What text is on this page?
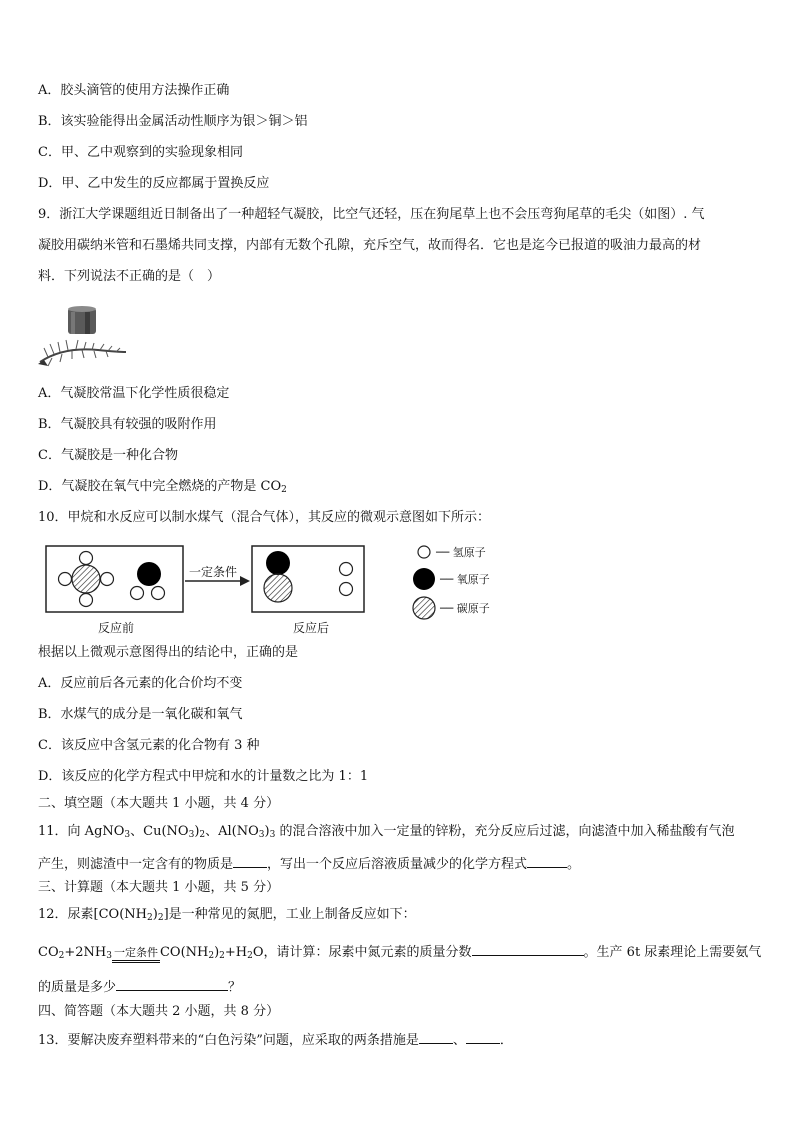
A．胶头滴管的使用方法操作正确
B．该实验能得出金属活动性顺序为银＞铜＞铝
C．甲、乙中观察到的实验现象相同
D．甲、乙中发生的反应都属于置换反应
9．浙江大学课题组近日制备出了一种超轻气凝胶，比空气还轻，压在狗尾草上也不会压弯狗尾草的毛尖（如图）. 气
凝胶用碳纳米管和石墨烯共同支撑，内部有无数个孔隙，充斥空气，故而得名．它也是迄今已报道的吸油力最高的材
料．下列说法不正确的是（　）
A．气凝胶常温下化学性质很稳定
B．气凝胶具有较强的吸附作用
C．气凝胶是一种化合物
D．气凝胶在氧气中完全燃烧的产物是 $CO_2$
10．甲烷和水反应可以制水煤气（混合气体），其反应的微观示意图如下所示：
一定条件
反应前	反应后
── 氢原子
── 氧原子
── 碳原子
根据以上微观示意图得出的结论中，正确的是
A．反应前后各元素的化合价均不变
B．水煤气的成分是一氧化碳和氧气
C．该反应中含氢元素的化合物有 3 种
D．该反应的化学方程式中甲烷和水的计量数之比为 1：1
二、填空题（本大题共 1 小题，共 4 分）
11．向 AgNO$_3$、$Cu(NO_3)_2$、$Al(NO_3)_3$ 的混合溶液中加入一定量的锌粉，充分反应后过滤，向滤渣中加入稀盐酸有气泡
产生，则滤渣中一定含有的物质是	，写出一个反应后溶液质量减少的化学方程式	。
三、计算题（本大题共 1 小题，共 5 分）
12．尿素$[CO(NH_2)_2]$是一种常见的氮肥，工业上制备反应如下：
$CO_2+2NH_3$ 一定条件 $CO(NH_2)_2+H_2O$，请计算：尿素中氮元素的质量分数	。生产 6t 尿素理论上需要氨气
的质量是多少	？
四、简答题（本大题共 2 小题，共 8 分）
13．要解决废弃塑料带来的“白色污染”问题，应采取的两条措施是	、	．
